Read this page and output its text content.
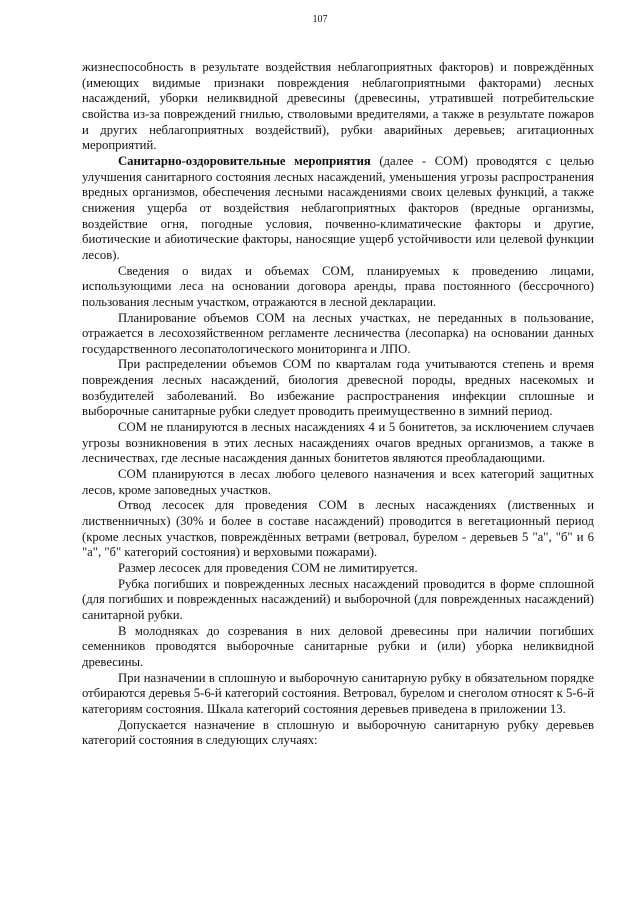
107

жизнеспособность в результате воздействия неблагоприятных факторов) и повреждённых (имеющих видимые признаки повреждения неблагоприятными факторами) лесных насаждений, уборки неликвидной древесины (древесины, утратившей потребительские свойства из-за повреждений гнилью, стволовыми вредителями, а также в результате пожаров и других неблагоприятных воздействий), рубки аварийных деревьев; агитационных мероприятий.

Санитарно-оздоровительные мероприятия (далее - СОМ) проводятся с целью улучшения санитарного состояния лесных насаждений, уменьшения угрозы распространения вредных организмов, обеспечения лесными насаждениями своих целевых функций, а также снижения ущерба от воздействия неблагоприятных факторов (вредные организмы, воздействие огня, погодные условия, почвенно-климатические факторы и другие, биотические и абиотические факторы, наносящие ущерб устойчивости или целевой функции лесов).

Сведения о видах и объемах СОМ, планируемых к проведению лицами, использующими леса на основании договора аренды, права постоянного (бессрочного) пользования лесным участком, отражаются в лесной декларации.

Планирование объемов СОМ на лесных участках, не переданных в пользование, отражается в лесохозяйственном регламенте лесничества (лесопарка) на основании данных государственного лесопатологического мониторинга и ЛПО.

При распределении объемов СОМ по кварталам года учитываются степень и время повреждения лесных насаждений, биология древесной породы, вредных насекомых и возбудителей заболеваний. Во избежание распространения инфекции сплошные и выборочные санитарные рубки следует проводить преимущественно в зимний период.

СОМ не планируются в лесных насаждениях 4 и 5 бонитетов, за исключением случаев угрозы возникновения в этих лесных насаждениях очагов вредных организмов, а также в лесничествах, где лесные насаждения данных бонитетов являются преобладающими.

СОМ планируются в лесах любого целевого назначения и всех категорий защитных лесов, кроме заповедных участков.

Отвод лесосек для проведения СОМ в лесных насаждениях (лиственных и лиственничных) (30% и более в составе насаждений) проводится в вегетационный период (кроме лесных участков, повреждённых ветрами (ветровал, бурелом - деревьев 5 "а", "б" и 6 "а", "б" категорий состояния) и верховыми пожарами).

Размер лесосек для проведения СОМ не лимитируется.

Рубка погибших и поврежденных лесных насаждений проводится в форме сплошной (для погибших и поврежденных насаждений) и выборочной (для поврежденных насаждений) санитарной рубки.

В молодняках до созревания в них деловой древесины при наличии погибших семенников проводятся выборочные санитарные рубки и (или) уборка неликвидной древесины.

При назначении в сплошную и выборочную санитарную рубку в обязательном порядке отбираются деревья 5-6-й категорий состояния. Ветровал, бурелом и снеголом относят к 5-6-й категориям состояния. Шкала категорий состояния деревьев приведена в приложении 13.

Допускается назначение в сплошную и выборочную санитарную рубку деревьев категорий состояния в следующих случаях:
